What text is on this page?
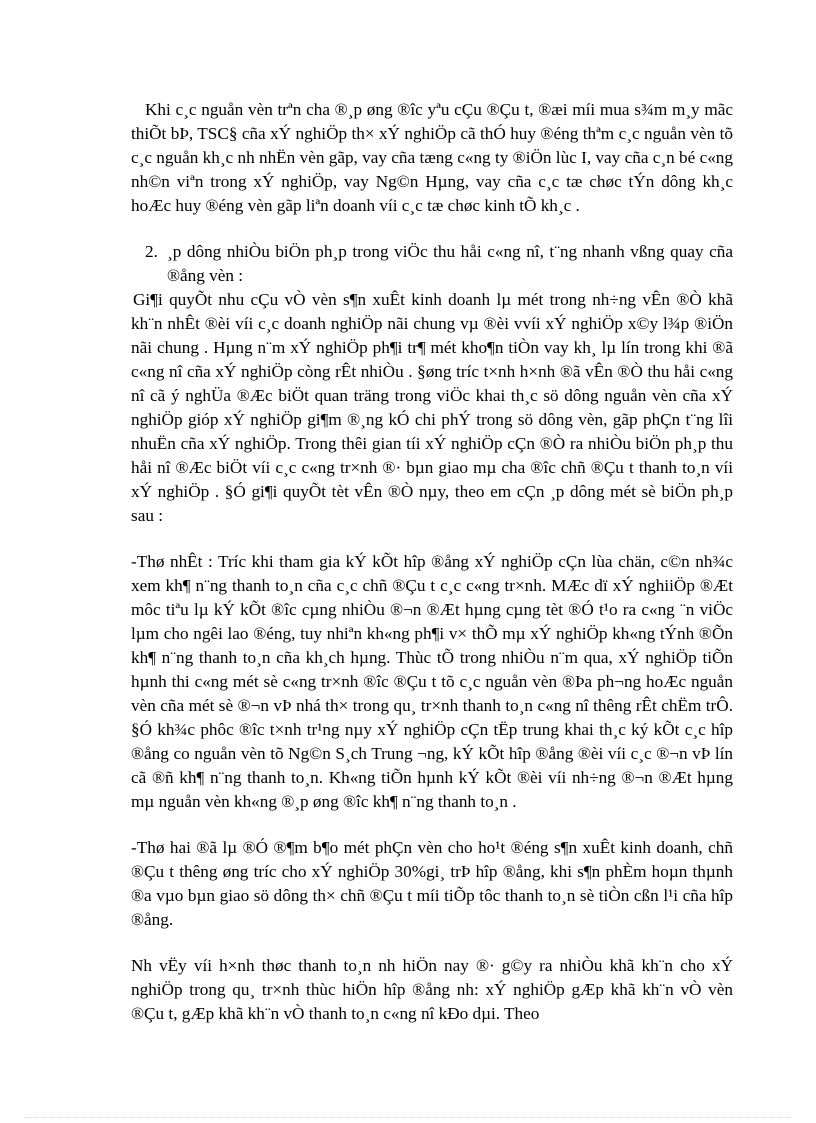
Khi c¸c nguån vèn trªn cha ®¸p øng ®îc yªu cÇu ®Çu t, ®æi míi mua s¾m m¸y mãc thiÕt bÞ, TSC§ cña xÝ nghiÖp th× xÝ nghiÖp cã thÓ huy ®éng thªm c¸c nguån vèn tõ c¸c nguån kh¸c nh nhËn vèn gãp, vay cña tæng c«ng ty ®iÖn lùc I, vay cña c¸n bé c«ng nh©n viªn trong xÝ nghiÖp, vay Ng©n Hµng, vay cña c¸c tæ chøc tÝn dông kh¸c hoÆc huy ®éng vèn gãp liªn doanh víi c¸c tæ chøc kinh tÕ kh¸c .

2. ¸p dông nhiÒu biÖn ph¸p trong viÖc thu håi c«ng nî, t¨ng nhanh vßng quay cña ®ång vèn :

Gi¶i quyÕt nhu cÇu vÒ vèn s¶n xuÊt kinh doanh lµ mét trong nh÷ng vÊn ®Ò khã kh¨n nhÊt ®èi víi c¸c doanh nghiÖp nãi chung vµ ®èi vvíi xÝ nghiÖp x©y l¾p ®iÖn nãi chung . Hµng n¨m xÝ nghiÖp ph¶i tr¶ mét kho¶n tiÒn vay kh¸ lµ lín trong khi ®ã c«ng nî cña xÝ nghiÖp còng rÊt nhiÒu . §øng tríc t×nh h×nh ®ã vÊn ®Ò thu håi c«ng nî cã ý nghÜa ®Æc biÖt quan träng trong viÖc khai th¸c sö dông nguån vèn cña xÝ nghiÖp gióp xÝ nghiÖp gi¶m ®¸ng kÓ chi phÝ trong sö dông vèn, gãp phÇn t¨ng lîi nhuËn cña xÝ nghiÖp. Trong thêi gian tíi xÝ nghiÖp cÇn ®Ò ra nhiÒu biÖn ph¸p thu håi nî ®Æc biÖt víi c¸c c«ng tr×nh ®· bµn giao mµ cha ®îc chñ ®Çu t thanh to¸n víi xÝ nghiÖp . §Ó gi¶i quyÕt tèt vÊn ®Ò nµy, theo em cÇn ¸p dông mét sè biÖn ph¸p sau :

-Thø nhÊt : Tríc khi tham gia kÝ kÕt hîp ®ång xÝ nghiÖp cÇn lùa chän, c©n nh¾c xem kh¶ n¨ng thanh to¸n cña c¸c chñ ®Çu t c¸c c«ng tr×nh. MÆc dï xÝ nghiiÖp ®Æt môc tiªu lµ kÝ kÕt ®îc cµng nhiÒu ®¬n ®Æt hµng cµng tèt ®Ó t¹o ra c«ng ¨n viÖc lµm cho ngêi lao ®éng, tuy nhiªn kh«ng ph¶i v× thÕ mµ xÝ nghiÖp kh«ng tÝnh ®Õn kh¶ n¨ng thanh to¸n cña kh¸ch hµng. Thùc tÕ trong nhiÒu n¨m qua, xÝ nghiÖp tiÕn hµnh thi c«ng mét sè c«ng tr×nh ®îc ®Çu t tõ c¸c nguån vèn ®Þa ph¬ng hoÆc nguån vèn cña mét sè ®¬n vÞ nhá th× trong qu¸ tr×nh thanh to¸n c«ng nî thêng rÊt chËm trÔ. §Ó kh¾c phôc ®îc t×nh tr¹ng nµy xÝ nghiÖp cÇn tËp trung khai th¸c ký kÕt c¸c hîp ®ång co nguån vèn tõ Ng©n S¸ch Trung ¬ng, kÝ kÕt hîp ®ång ®èi víi c¸c ®¬n vÞ lín cã ®ñ kh¶ n¨ng thanh to¸n. Kh«ng tiÕn hµnh kÝ kÕt ®èi víi nh÷ng ®¬n ®Æt hµng mµ nguån vèn kh«ng ®¸p øng ®îc kh¶ n¨ng thanh to¸n .

-Thø hai ®ã lµ ®Ó ®¶m b¶o mét phÇn vèn cho ho¹t ®éng s¶n xuÊt kinh doanh, chñ ®Çu t thêng øng tríc cho xÝ nghiÖp 30%gi¸ trÞ hîp ®ång, khi s¶n phÈm hoµn thµnh ®a vµo bµn giao sö dông th× chñ ®Çu t míi tiÕp tôc thanh to¸n sè tiÒn cßn l¹i cña hîp ®ång.

Nh vËy víi h×nh thøc thanh to¸n nh hiÖn nay ®· g©y ra nhiÒu khã kh¨n cho xÝ nghiÖp trong qu¸ tr×nh thùc hiÖn hîp ®ång nh: xÝ nghiÖp gÆp khã kh¨n vÒ vèn ®Çu t, gÆp khã kh¨n vÒ thanh to¸n c«ng nî kÐo dµi. Theo
